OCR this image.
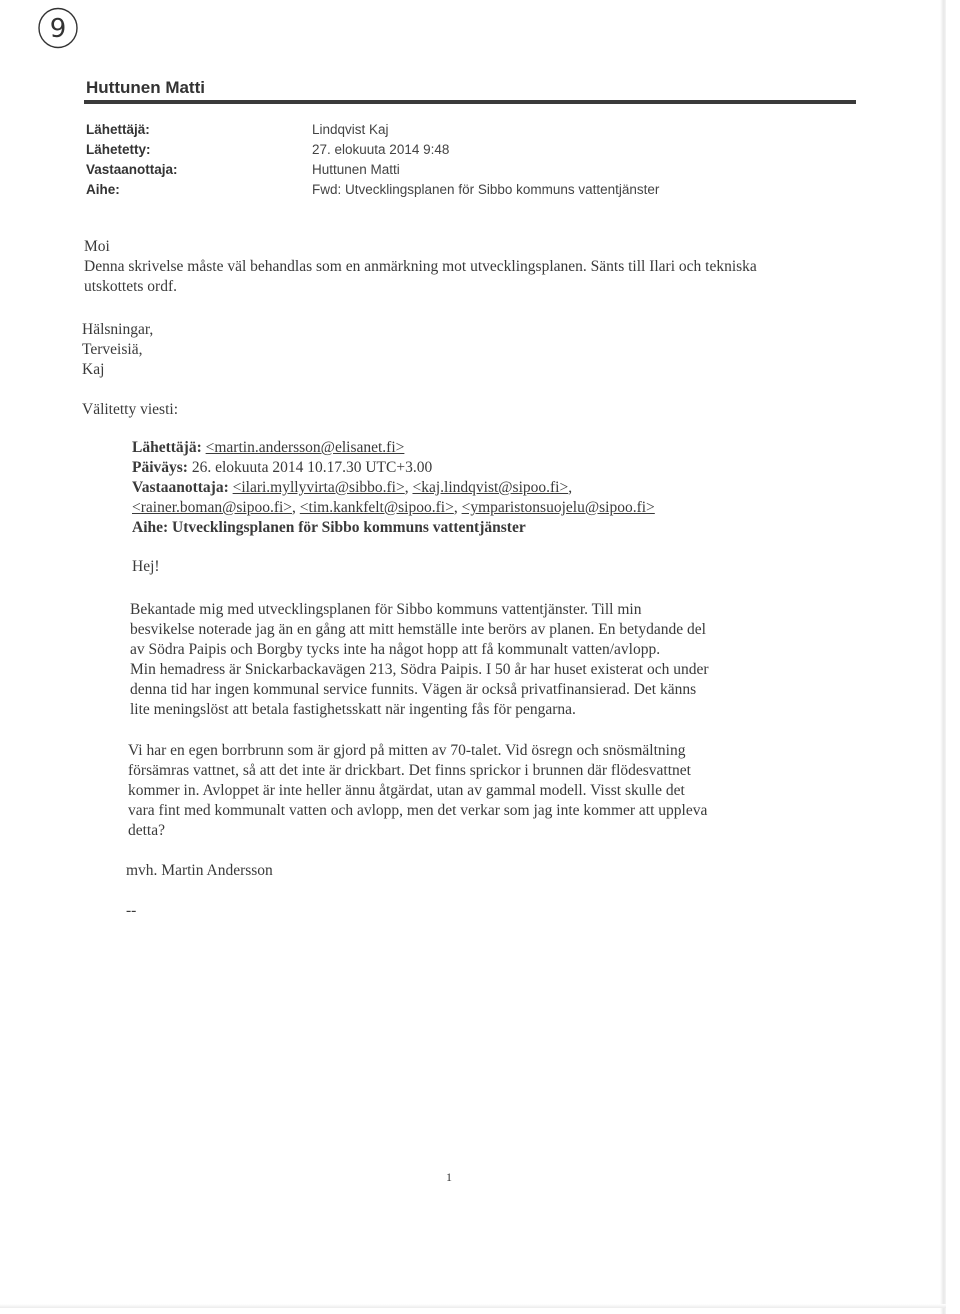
9
Huttunen Matti
Lähettäjä:	Lindqvist Kaj
Lähetetty:	27. elokuuta 2014 9:48
Vastaanottaja:	Huttunen Matti
Aihe:	Fwd: Utvecklingsplanen för Sibbo kommuns vattentjänster
Moi
Denna skrivelse måste väl behandlas som en anmärkning mot utvecklingsplanen. Sänts till Ilari och tekniska
utskottets ordf.
Hälsningar,
Terveisiä,
Kaj
Välitetty viesti:
Lähettäjä: <martin.andersson@elisanet.fi>
Päiväys: 26. elokuuta 2014 10.17.30 UTC+3.00
Vastaanottaja: <ilari.myllyvirta@sibbo.fi>, <kaj.lindqvist@sipoo.fi>,
<rainer.boman@sipoo.fi>, <tim.kankfelt@sipoo.fi>, <ymparistonsuojelu@sipoo.fi>
Aihe: Utvecklingsplanen för Sibbo kommuns vattentjänster
Hej!
Bekantade mig med utvecklingsplanen för Sibbo kommuns vattentjänster. Till min
besvikelse noterade jag än en gång att mitt hemställe inte berörs av planen. En betydande del
av Södra Paipis och Borgby tycks inte ha något hopp att få kommunalt vatten/avlopp.
Min hemadress är Snickarbackavägen 213, Södra Paipis. I 50 år har huset existerat och under
denna tid har ingen kommunal service funnits. Vägen är också privatfinansierad. Det känns
lite meningslöst att betala fastighetsskatt när ingenting fås för pengarna.
Vi har en egen borrbrunn som är gjord på mitten av 70-talet. Vid ösregn och snösmältning
försämras vattnet, så att det inte är drickbart. Det finns sprickor i brunnen där flödesvattnet
kommer in. Avloppet är inte heller ännu åtgärdat, utan av gammal modell. Visst skulle det
vara fint med kommunalt vatten och avlopp, men det verkar som jag inte kommer att uppleva
detta?
mvh. Martin Andersson
--
1
